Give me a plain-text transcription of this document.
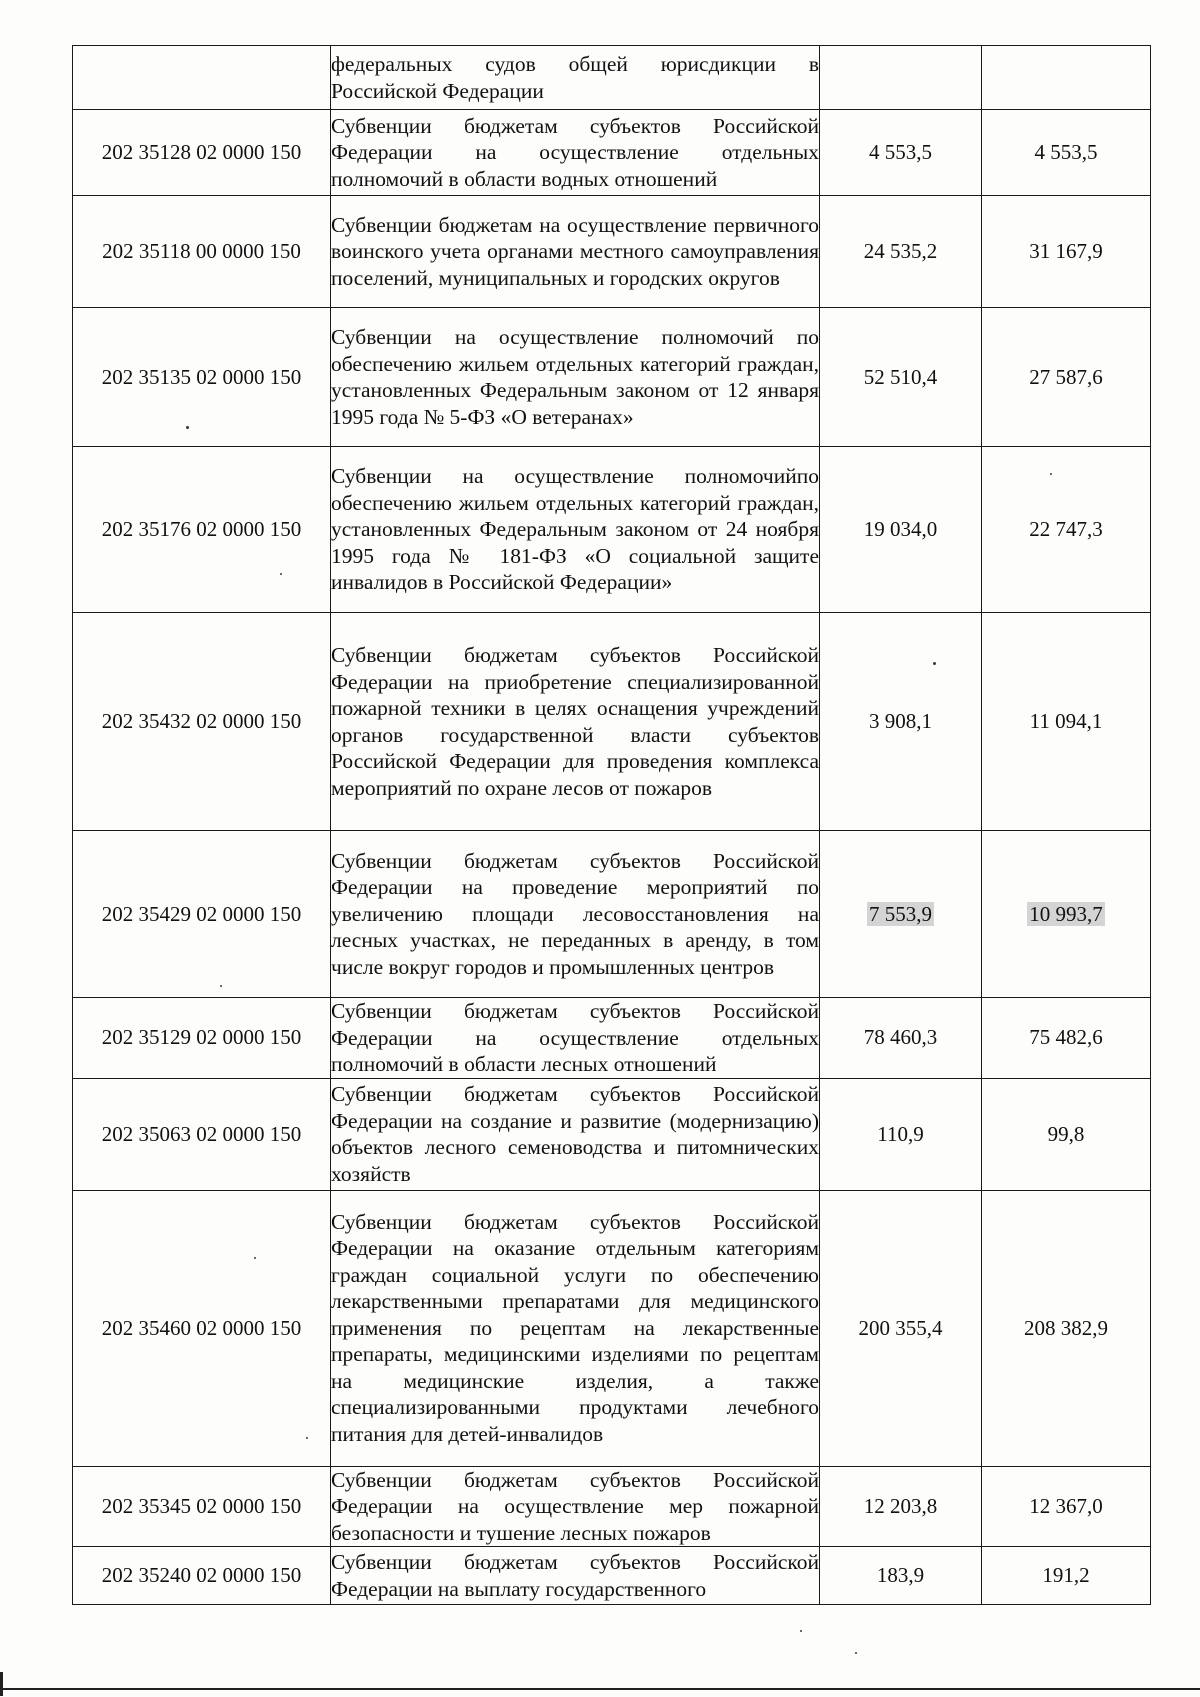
	федеральных судов общей юрисдикции в Российской Федерации		
202 35128 02 0000 150	Субвенции бюджетам субъектов Российской Федерации на осуществление отдельных полномочий в области водных отношений	4 553,5	4 553,5
202 35118 00 0000 150	Субвенции бюджетам на осуществление первичного воинского учета органами местного самоуправления поселений, муниципальных и городских округов	24 535,2	31 167,9
202 35135 02 0000 150	Субвенции на осуществление полномочий по обеспечению жильем отдельных категорий граждан, установленных Федеральным законом от 12 января 1995 года № 5-ФЗ «О ветеранах»	52 510,4	27 587,6
202 35176 02 0000 150	Субвенции на осуществление полномочийпо обеспечению жильем отдельных категорий граждан, установленных Федеральным законом от 24 ноября 1995 года № 181-ФЗ «О социальной защите инвалидов в Российской Федерации»	19 034,0	22 747,3
202 35432 02 0000 150	Субвенции бюджетам субъектов Российской Федерации на приобретение специализированной пожарной техники в целях оснащения учреждений органов государственной власти субъектов Российской Федерации для проведения комплекса мероприятий по охране лесов от пожаров	3 908,1	11 094,1
202 35429 02 0000 150	Субвенции бюджетам субъектов Российской Федерации на проведение мероприятий по увеличению площади лесовосстановления на лесных участках, не переданных в аренду, в том числе вокруг городов и промышленных центров	7 553,9	10 993,7
202 35129 02 0000 150	Субвенции бюджетам субъектов Российской Федерации на осуществление отдельных полномочий в области лесных отношений	78 460,3	75 482,6
202 35063 02 0000 150	Субвенции бюджетам субъектов Российской Федерации на создание и развитие (модернизацию) объектов лесного семеноводства и питомнических хозяйств	110,9	99,8
202 35460 02 0000 150	Субвенции бюджетам субъектов Российской Федерации на оказание отдельным категориям граждан социальной услуги по обеспечению лекарственными препаратами для медицинского применения по рецептам на лекарственные препараты, медицинскими изделиями по рецептам на медицинские изделия, а также специализированными продуктами лечебного питания для детей-инвалидов	200 355,4	208 382,9
202 35345 02 0000 150	Субвенции бюджетам субъектов Российской Федерации на осуществление мер пожарной безопасности и тушение лесных пожаров	12 203,8	12 367,0
202 35240 02 0000 150	Субвенции бюджетам субъектов Российской Федерации на выплату государственного	183,9	191,2
